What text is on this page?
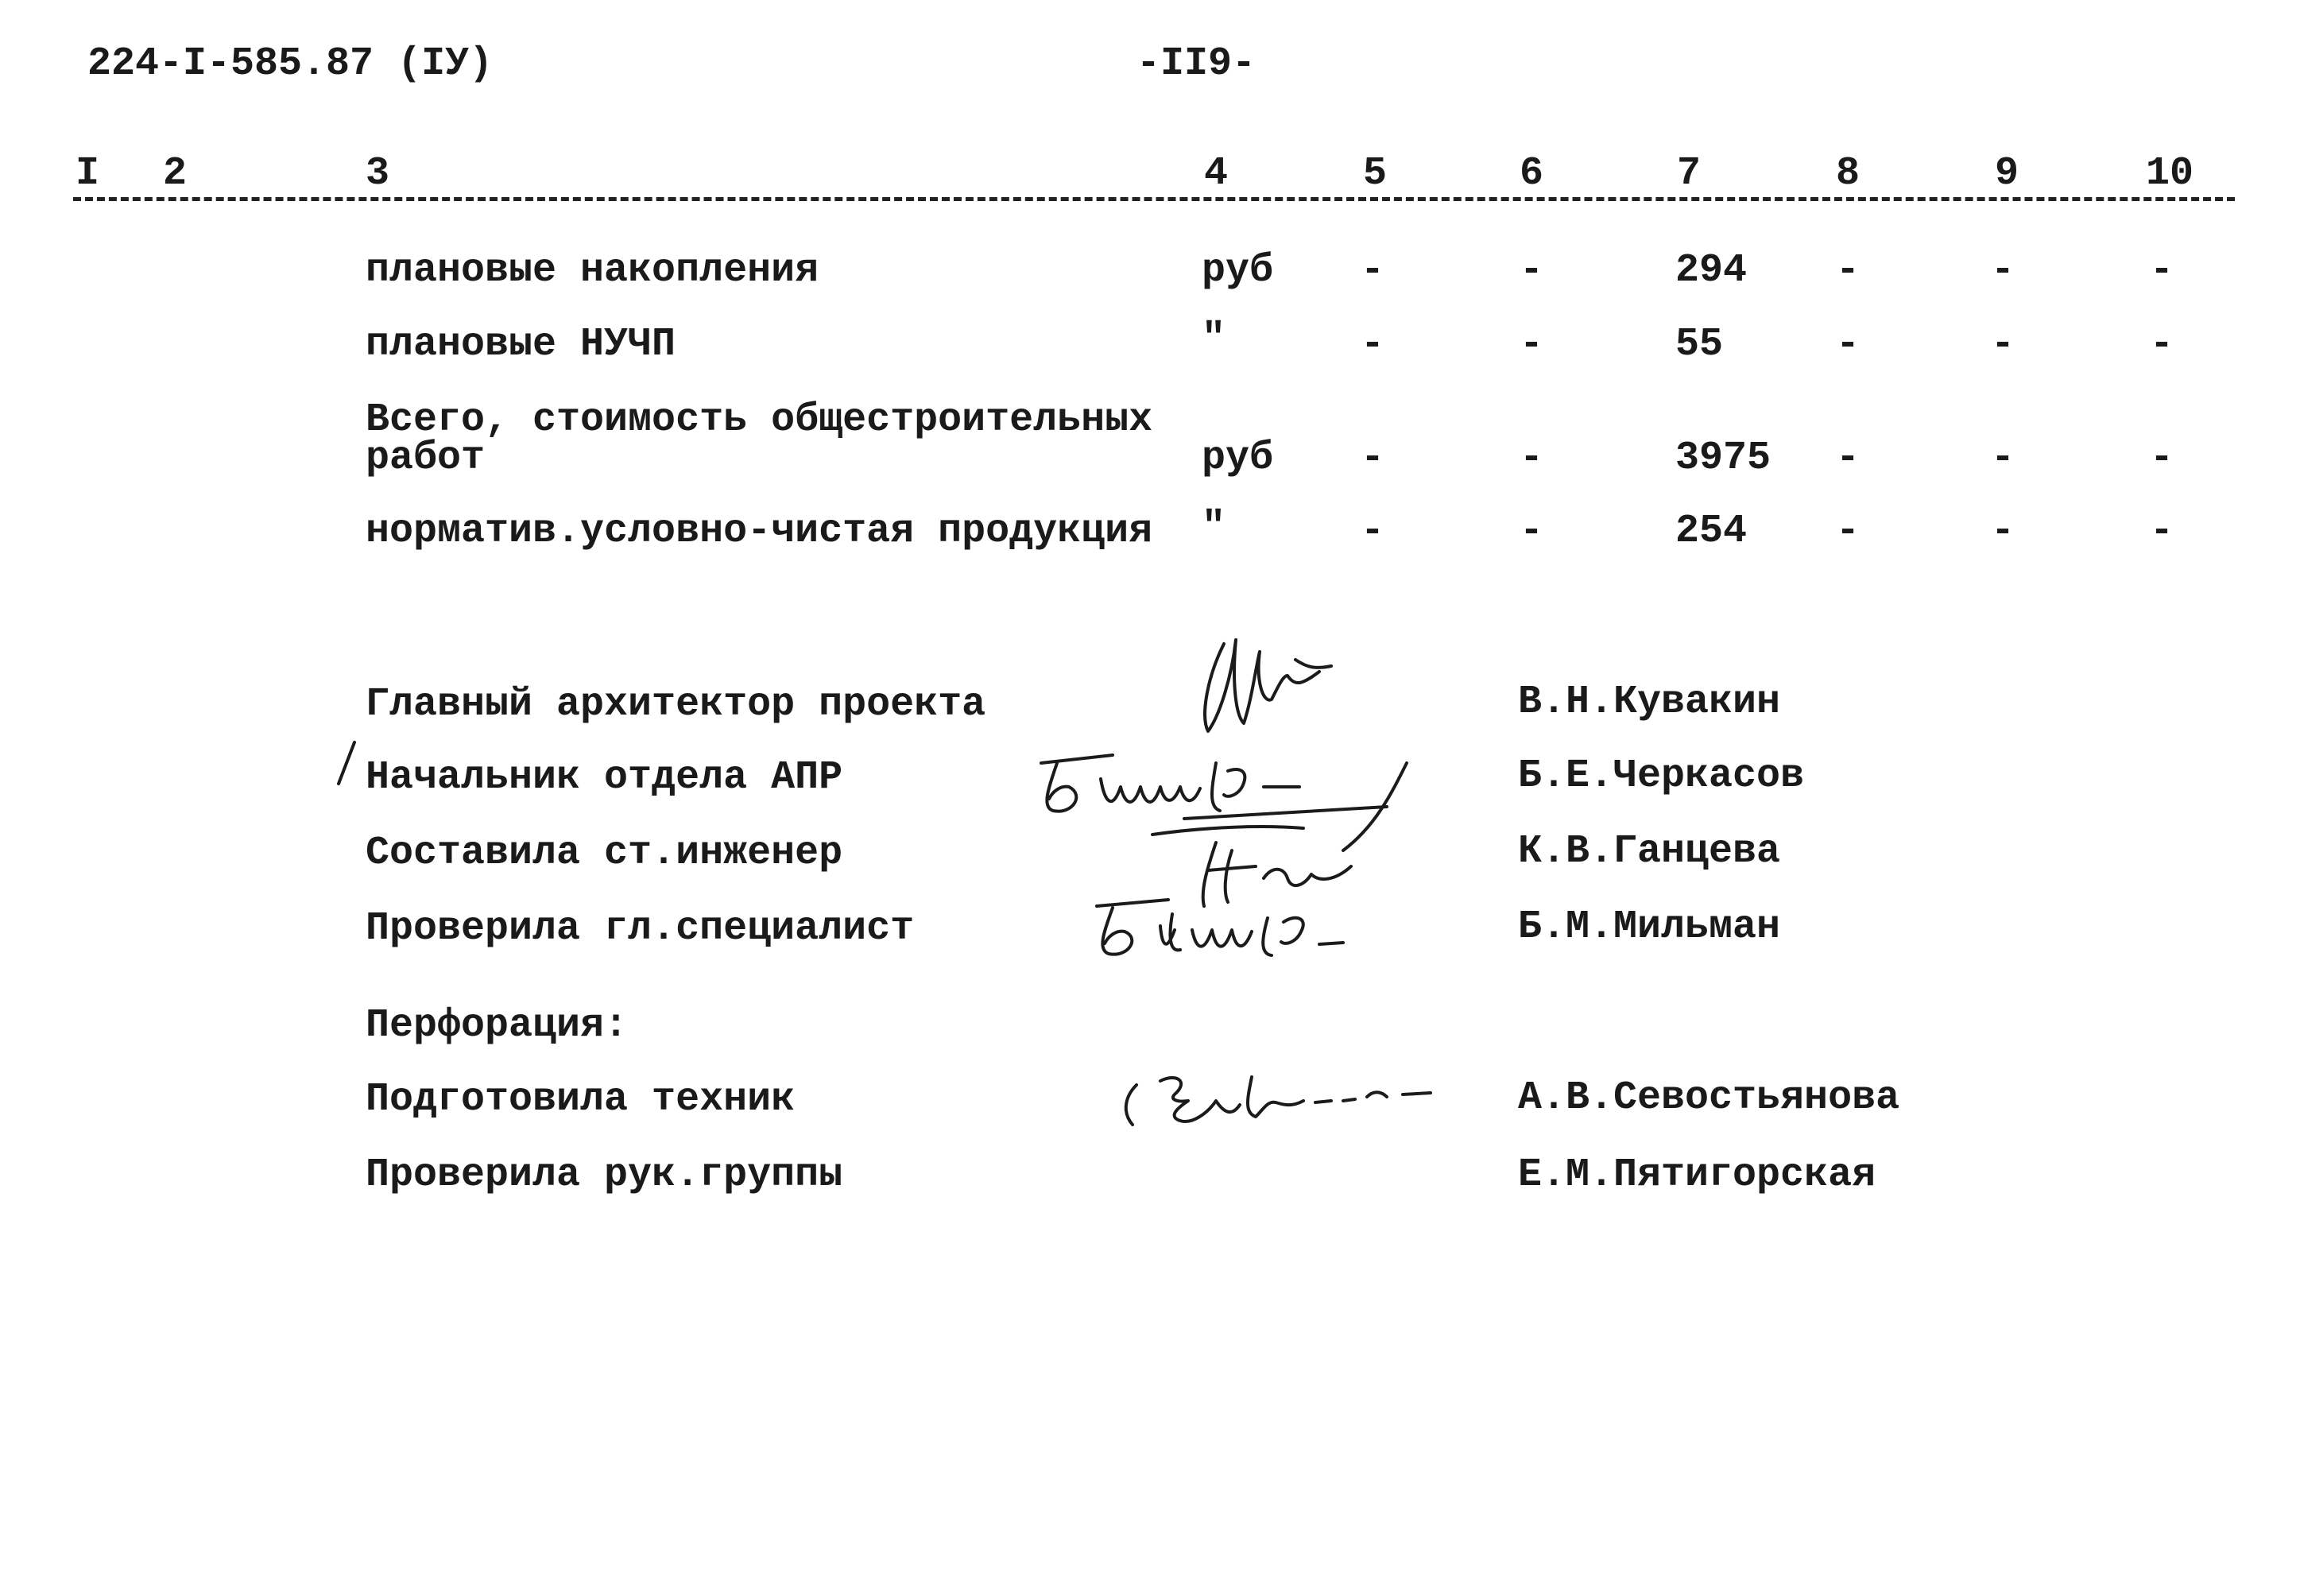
224-I-585.87 (IУ)	-II9-
I 2	3	4	5	6	7	8	9	10
плановые накопления	руб -	-	294 -	-	-
плановые НУЧП	"	-	-	55	-	-	-
Всего, стоимость общестроительных
работ	руб -	-	3975 -	-	-
норматив.условно-чистая продукция "	-	-	254 -	-	-
Главный архитектор проекта	В.Н.Кувакин
Начальник отдела АПР	Б.Е.Черкасов
Составила ст.инженер	К.В.Ганцева
Проверила гл.специалист	Б.М.Мильман
Перфорация:
Подготовила техник	А.В.Севостьянова
Проверила рук.группы	Е.М.Пятигорская
